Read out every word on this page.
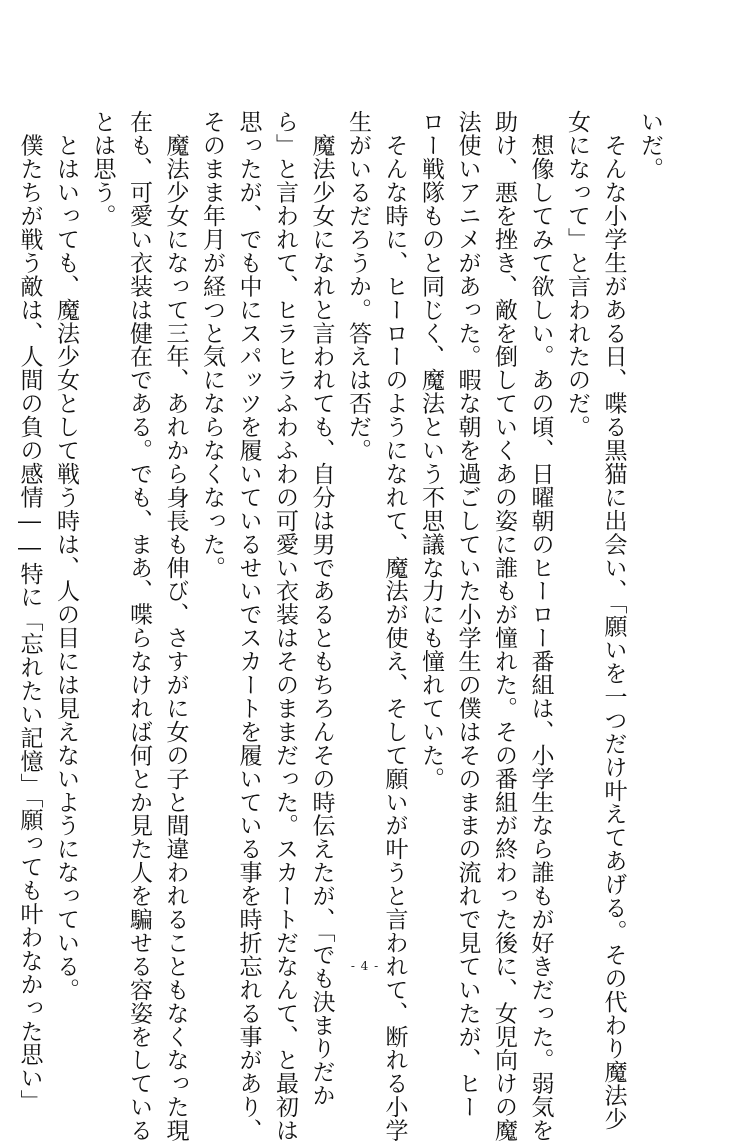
いだ。
　そんな小学生がある日、喋る黒猫に出会い、「願いを一つだけ叶えてあげる。その代わり魔法少
女になって」と言われたのだ。
　想像してみて欲しい。あの頃、日曜朝のヒーロー番組は、小学生なら誰もが好きだった。弱気を
助け、悪を挫き、敵を倒していくあの姿に誰もが憧れた。その番組が終わった後に、女児向けの魔
法使いアニメがあった。暇な朝を過ごしていた小学生の僕はそのままの流れで見ていたが、ヒー
ロー戦隊ものと同じく、魔法という不思議な力にも憧れていた。
　そんな時に、ヒーローのようになれて、魔法が使え、そして願いが叶うと言われて、断れる小学
生がいるだろうか。答えは否だ。
　魔法少女になれと言われても、自分は男であるともちろんその時伝えたが、「でも決まりだか
ら」と言われて、ヒラヒラふわふわの可愛い衣装はそのままだった。スカートだなんて、と最初は
思ったが、でも中にスパッツを履いているせいでスカートを履いている事を時折忘れる事があり、
そのまま年月が経つと気にならなくなった。
　魔法少女になって三年、あれから身長も伸び、さすがに女の子と間違われることもなくなった現
在も、可愛い衣装は健在である。でも、まあ、喋らなければ何とか見た人を騙せる容姿をしている
とは思う。
　とはいっても、魔法少女として戦う時は、人の目には見えないようになっている。
　僕たちが戦う敵は、人間の負の感情――特に「忘れたい記憶」「願っても叶わなかった思い」	- 4 -
